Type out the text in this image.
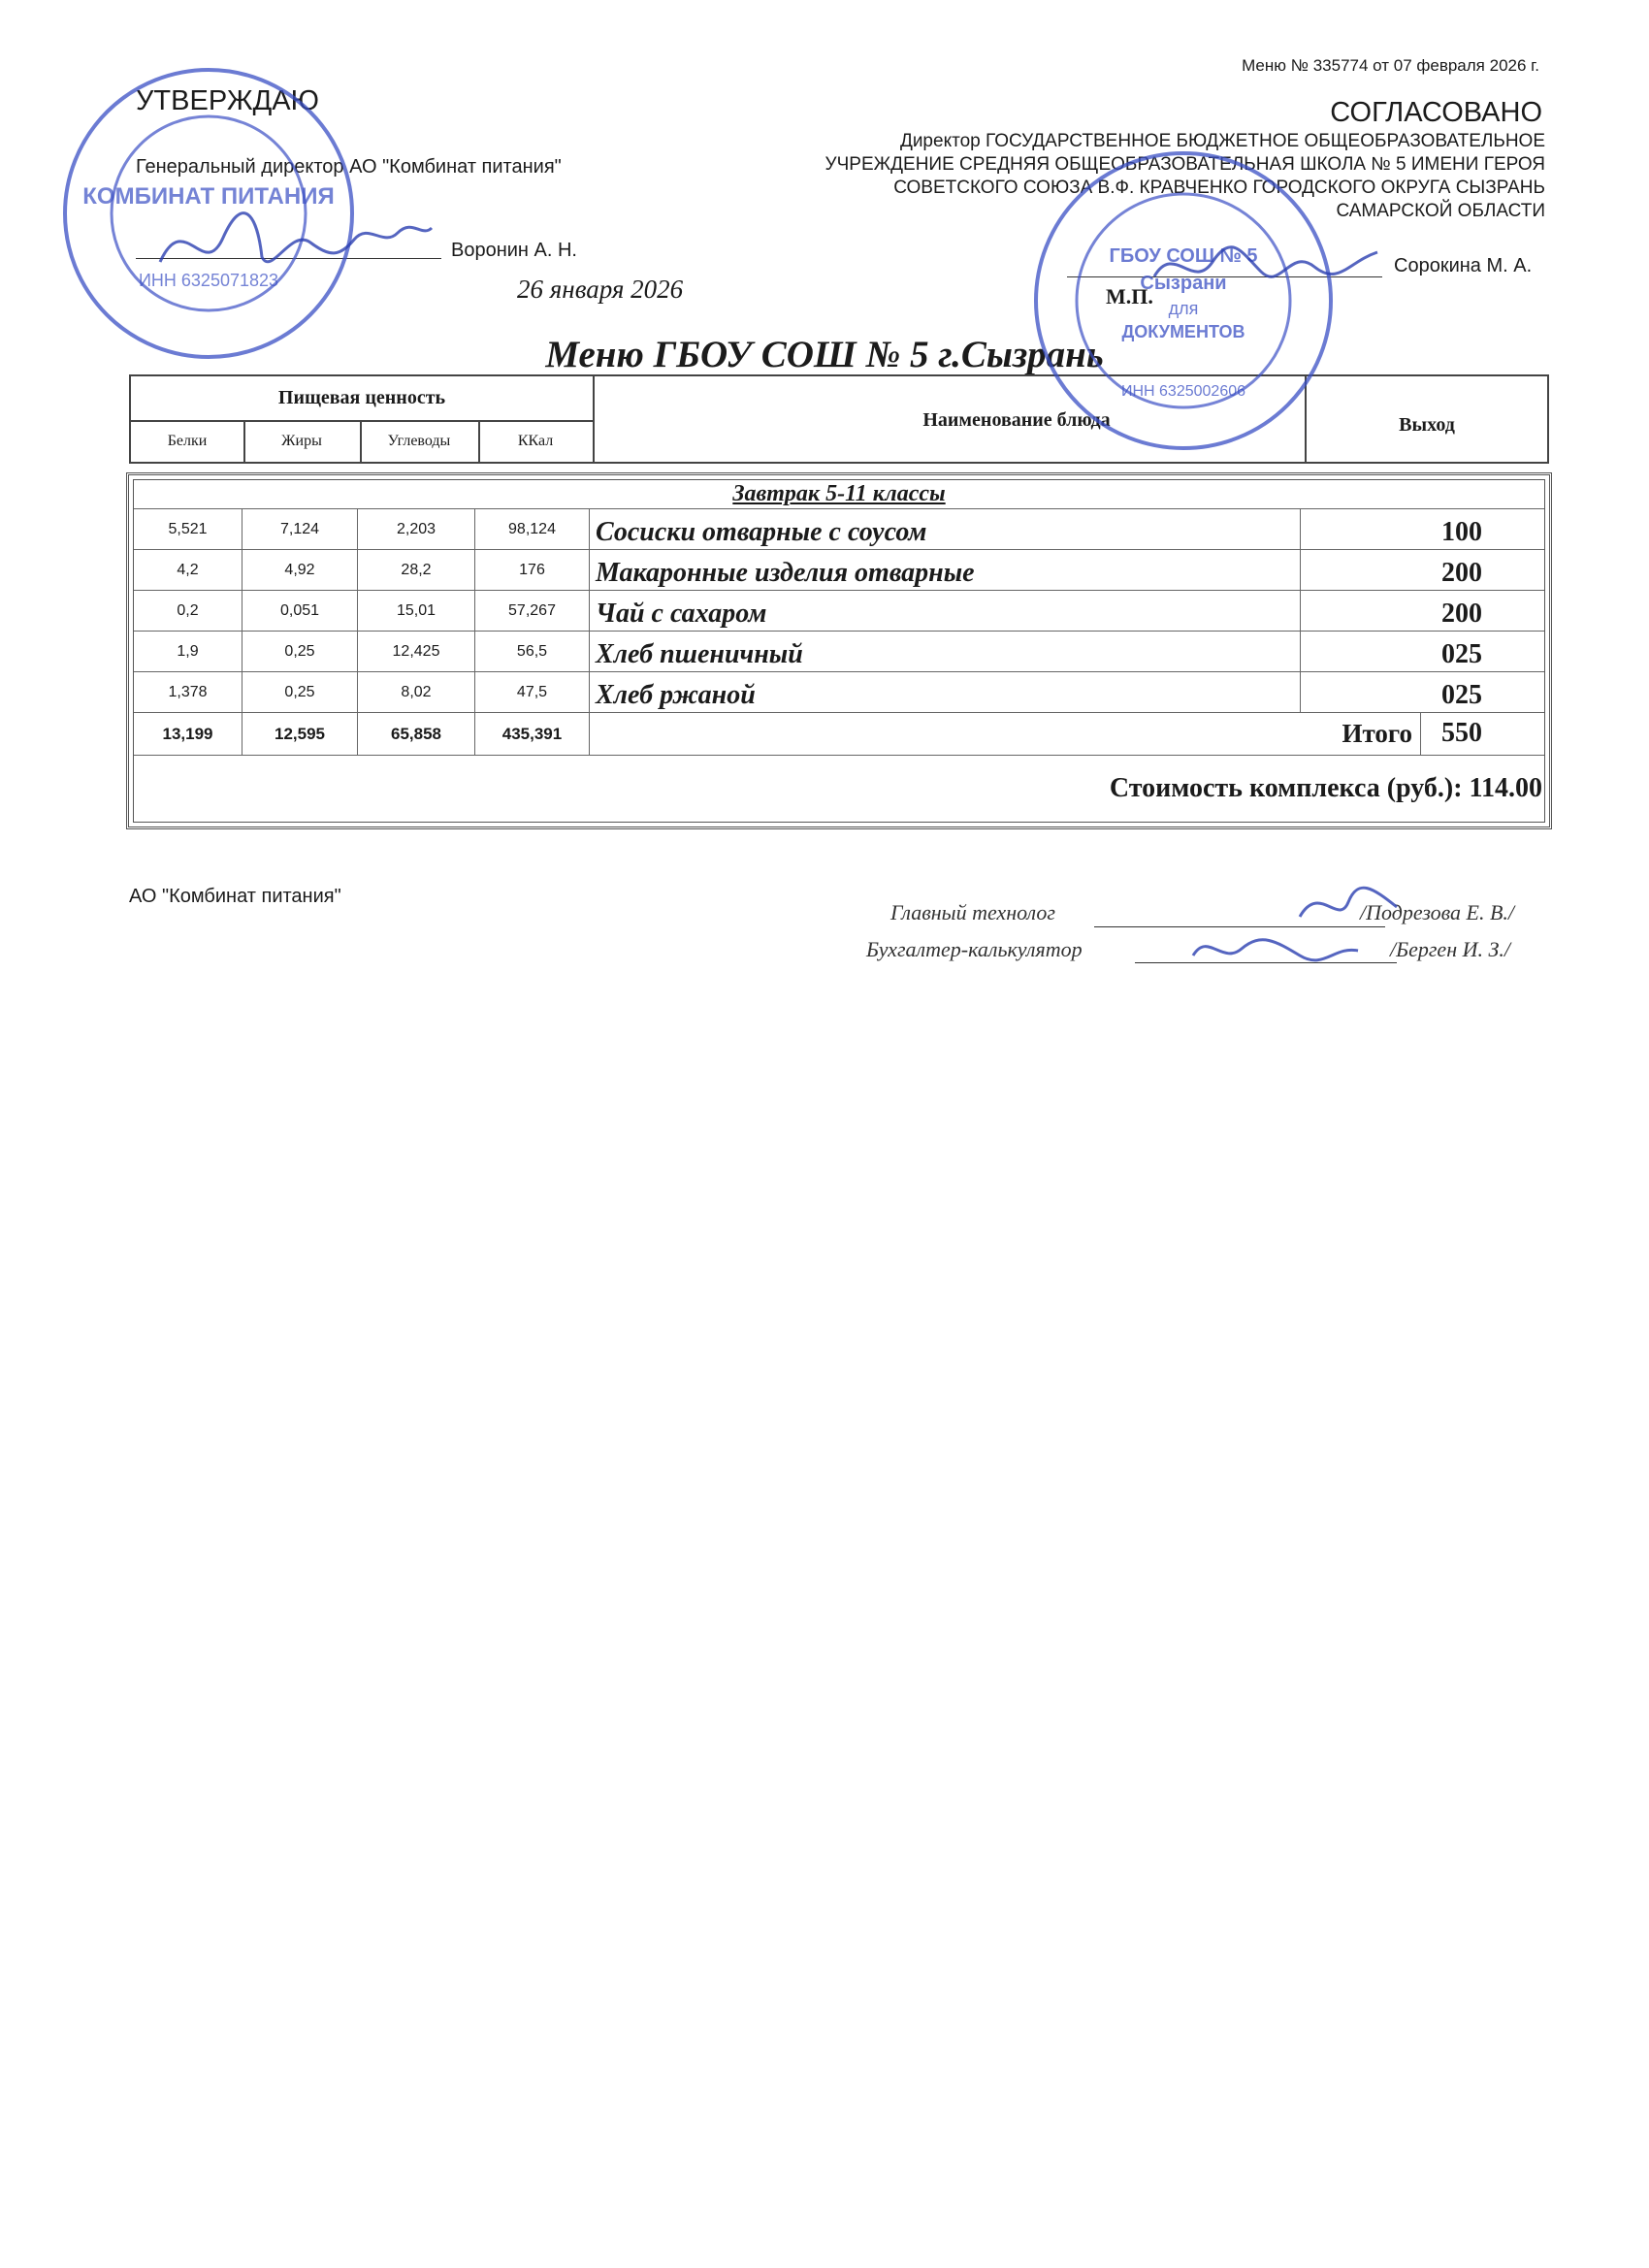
Меню № 335774 от 07 февраля 2026 г.
УТВЕРЖДАЮ
Генеральный директор АО "Комбинат питания"
Воронин А. Н.
26 января 2026
СОГЛАСОВАНО
Директор ГОСУДАРСТВЕННОЕ БЮДЖЕТНОЕ ОБЩЕОБРАЗОВАТЕЛЬНОЕ
УЧРЕЖДЕНИЕ СРЕДНЯЯ ОБЩЕОБРАЗОВАТЕЛЬНАЯ ШКОЛА № 5 ИМЕНИ ГЕРОЯ
СОВЕТСКОГО СОЮЗА В.Ф. КРАВЧЕНКО ГОРОДСКОГО ОКРУГА СЫЗРАНЬ
САМАРСКОЙ ОБЛАСТИ
Сорокина М. А.
М.П.
Меню ГБОУ СОШ № 5 г.Сызрань
Пищевая ценность
Белки	Жиры	Углеводы	ККал
Наименование блюда	Выход
Завтрак 5-11 классы
5,521	7,124	2,203	98,124	Сосиски отварные с соусом	100
4,2	4,92	28,2	176	Макаронные изделия отварные	200
0,2	0,051	15,01	57,267	Чай с сахаром	200
1,9	0,25	12,425	56,5	Хлеб пшеничный	025
1,378	0,25	8,02	47,5	Хлеб ржаной	025
13,199	12,595	65,858	435,391	Итого	550
Стоимость комплекса (руб.): 114.00
АО "Комбинат питания"
Главный технолог	/Подрезова Е. В./
Бухгалтер-калькулятор	/Берген И. З./
КОМБИНАТ ПИТАНИЯ
ИНН 6325071823
ГБОУ СОШ № 5
Сызрани
для
ДОКУМЕНТОВ
ИНН 6325002606
